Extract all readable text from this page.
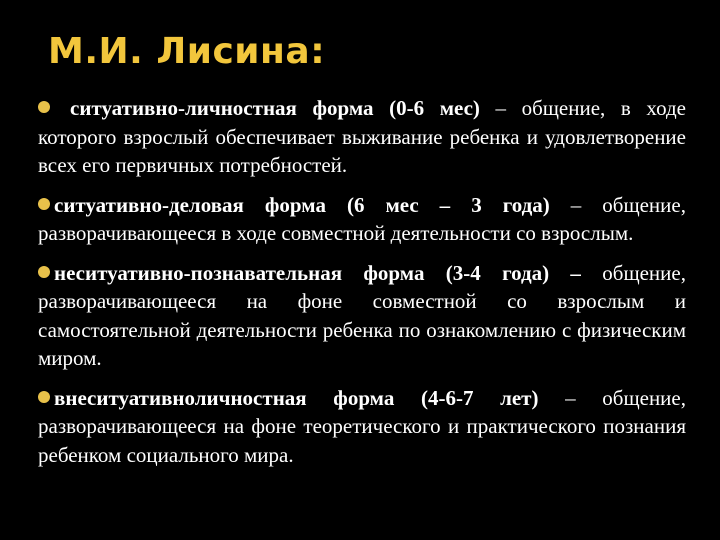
М.И. Лисина:

ситуативно-личностная форма (0-6 мес) – общение, в ходе которого взрослый обеспечивает выживание ребенка и удовлетворение всех его первичных потребностей.

ситуативно-деловая форма (6 мес – 3 года) – общение, разворачивающееся в ходе совместной деятельности со взрослым.

неситуативно-познавательная форма (3-4 года) – общение, разворачивающееся на фоне совместной со взрослым и самостоятельной деятельности ребенка по ознакомлению с физическим миром.

внеситуативноличностная форма (4-6-7 лет) – общение, разворачивающееся на фоне теоретического и практического познания ребенком социального мира.
